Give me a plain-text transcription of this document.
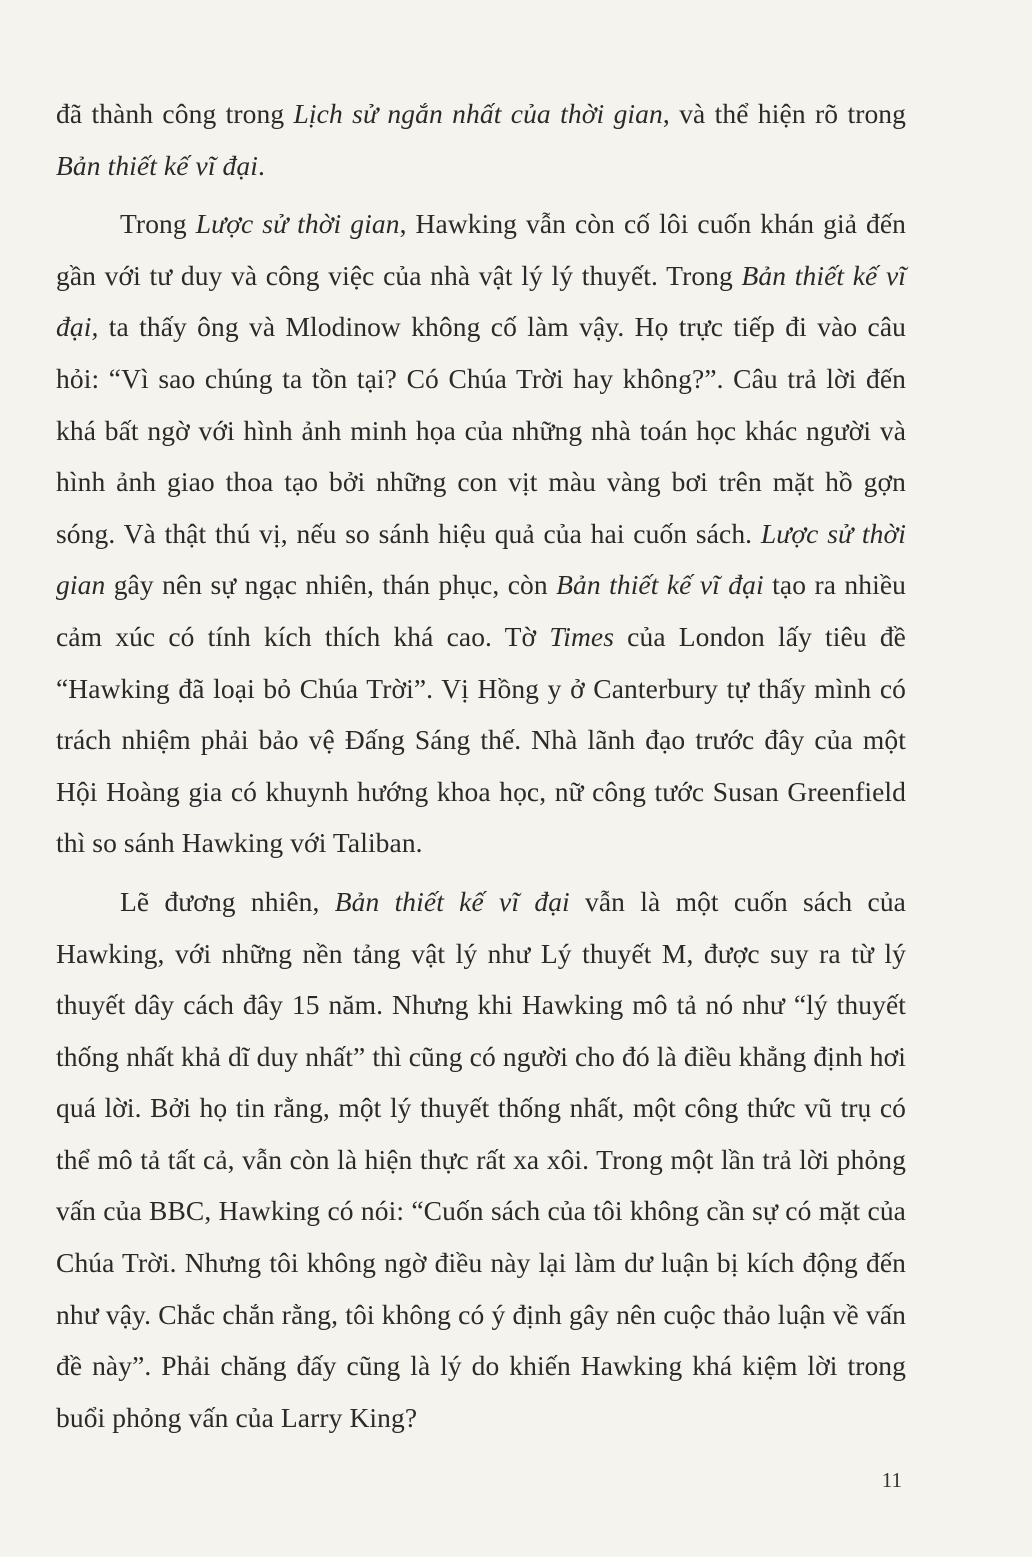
đã thành công trong Lịch sử ngắn nhất của thời gian, và thể hiện rõ trong Bản thiết kế vĩ đại.

Trong Lược sử thời gian, Hawking vẫn còn cố lôi cuốn khán giả đến gần với tư duy và công việc của nhà vật lý lý thuyết. Trong Bản thiết kế vĩ đại, ta thấy ông và Mlodinow không cố làm vậy. Họ trực tiếp đi vào câu hỏi: “Vì sao chúng ta tồn tại? Có Chúa Trời hay không?”. Câu trả lời đến khá bất ngờ với hình ảnh minh họa của những nhà toán học khác người và hình ảnh giao thoa tạo bởi những con vịt màu vàng bơi trên mặt hồ gợn sóng. Và thật thú vị, nếu so sánh hiệu quả của hai cuốn sách. Lược sử thời gian gây nên sự ngạc nhiên, thán phục, còn Bản thiết kế vĩ đại tạo ra nhiều cảm xúc có tính kích thích khá cao. Tờ Times của London lấy tiêu đề “Hawking đã loại bỏ Chúa Trời”. Vị Hồng y ở Canterbury tự thấy mình có trách nhiệm phải bảo vệ Đấng Sáng thế. Nhà lãnh đạo trước đây của một Hội Hoàng gia có khuynh hướng khoa học, nữ công tước Susan Greenfield thì so sánh Hawking với Taliban.

Lẽ đương nhiên, Bản thiết kế vĩ đại vẫn là một cuốn sách của Hawking, với những nền tảng vật lý như Lý thuyết M, được suy ra từ lý thuyết dây cách đây 15 năm. Nhưng khi Hawking mô tả nó như “lý thuyết thống nhất khả dĩ duy nhất” thì cũng có người cho đó là điều khẳng định hơi quá lời. Bởi họ tin rằng, một lý thuyết thống nhất, một công thức vũ trụ có thể mô tả tất cả, vẫn còn là hiện thực rất xa xôi. Trong một lần trả lời phỏng vấn của BBC, Hawking có nói: “Cuốn sách của tôi không cần sự có mặt của Chúa Trời. Nhưng tôi không ngờ điều này lại làm dư luận bị kích động đến như vậy. Chắc chắn rằng, tôi không có ý định gây nên cuộc thảo luận về vấn đề này”. Phải chăng đấy cũng là lý do khiến Hawking khá kiệm lời trong buổi phỏng vấn của Larry King?

11
